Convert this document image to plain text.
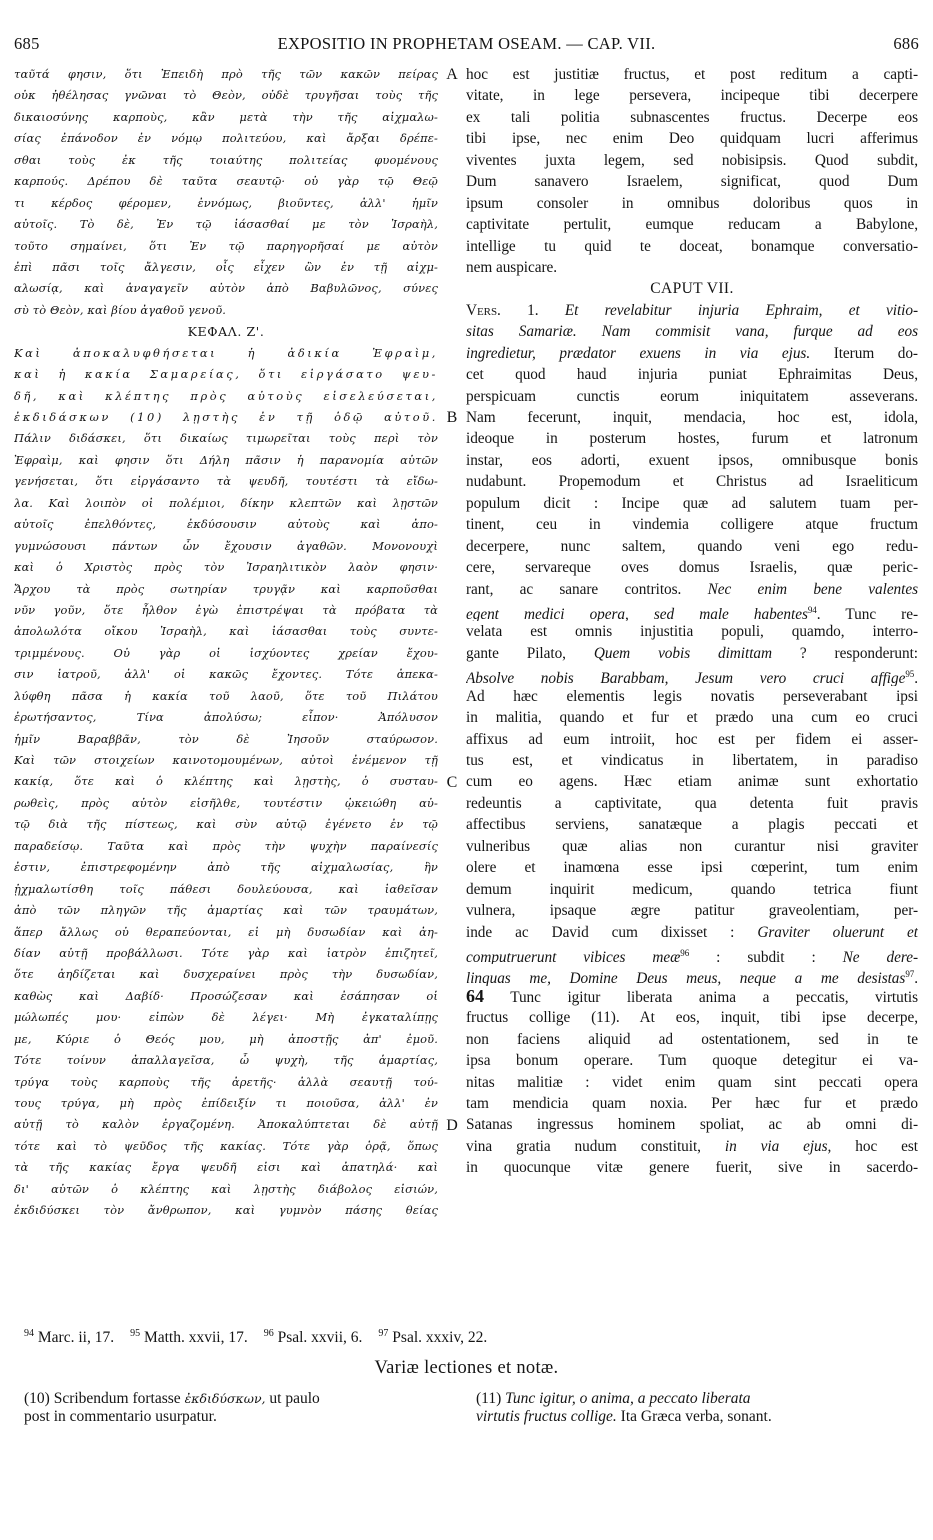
685	EXPOSITIO IN PROPHETAM OSEAM. — CAP. VII.	686
ταῦτά φησιν, ὅτι Ἐπειδὴ πρὸ τῆς τῶν κακῶν πείρας
οὐκ ἠθέλησας γνῶναι τὸ Θεὸν, οὐδὲ τρυγῆσαι τοὺς τῆς
δικαιοσύνης καρποὺς, κἂν μετὰ τὴν τῆς αἰχμαλω-
σίας ἐπάνοδον ἐν νόμῳ πολιτεύου, καὶ ἄρξαι δρέπε-
σθαι τοὺς ἐκ τῆς τοιαύτης πολιτείας φυομένους
καρπούς. Δρέπου δὲ ταῦτα σεαυτῷ· οὐ γὰρ τῷ Θεῷ
τι κέρδος φέρομεν, ἐννόμως, βιοῦντες, ἀλλ' ἡμῖν
αὐτοῖς. Τὸ δὲ, Ἐν τῷ ἰάσασθαί με τὸν Ἰσραὴλ,
τοῦτο σημαίνει, ὅτι Ἐν τῷ παρηγορῆσαί με αὐτὸν
ἐπὶ πᾶσι τοῖς ἄλγεσιν, οἷς εἶχεν ὢν ἐν τῇ αἰχμ-
αλωσίᾳ, καὶ ἀναγαγεῖν αὐτὸν ἀπὸ Βαβυλῶνος, σύνες
σὺ τὸ Θεὸν, καὶ βίου ἀγαθοῦ γενοῦ.
ΚΕΦΑΛ. Ζ'.
Καὶ ἀποκαλυφθήσεται ἡ ἀδικία Ἐφραὶμ,
καὶ ἡ κακία Σαμαρείας, ὅτι εἰργάσατο ψευ-
δῆ, καὶ κλέπτης πρὸς αὐτοὺς εἰσελεύσεται,
ἐκδιδάσκων (10) λῃστὴς ἐν τῇ ὁδῷ αὐτοῦ.
Πάλιν διδάσκει, ὅτι δικαίως τιμωρεῖται τοὺς περὶ τὸν
Ἐφραὶμ, καὶ φησιν ὅτι Δήλη πᾶσιν ἡ παρανομία αὐτῶν
γενήσεται, ὅτι εἰργάσαντο τὰ ψευδῆ, τουτέστι τὰ εἴδω-
λα. Καὶ λοιπὸν οἱ πολέμιοι, δίκην κλεπτῶν καὶ λῃστῶν
αὐτοῖς ἐπελθόντες, ἐκδύσουσιν αὐτοὺς καὶ ἀπο-
γυμνώσουσι πάντων ὧν ἔχουσιν ἀγαθῶν. Μονονουχὶ
καὶ ὁ Χριστὸς πρὸς τὸν Ἰσραηλιτικὸν λαὸν φησιν·
Ἄρχου τὰ πρὸς σωτηρίαν τρυγᾷν καὶ καρποῦσθαι
νῦν γοῦν, ὅτε ἦλθον ἐγὼ ἐπιστρέψαι τὰ πρόβατα τὰ
ἀπολωλότα οἴκου Ἰσραὴλ, καὶ ἰάσασθαι τοὺς συντε-
τριμμένους. Οὐ γὰρ οἱ ἰσχύοντες χρείαν ἔχου-
σιν ἰατροῦ, ἀλλ' οἱ κακῶς ἔχοντες. Τότε ἀπεκα-
λύφθη πᾶσα ἡ κακία τοῦ λαοῦ, ὅτε τοῦ Πιλάτου
ἐρωτήσαντος, Τίνα ἀπολύσω; εἶπον· Ἀπόλυσον
ἡμῖν Βαραββᾶν, τὸν δὲ Ἰησοῦν σταύρωσον.
Καὶ τῶν στοιχείων καινοτομουμένων, αὐτοὶ ἐνέμενον τῇ
κακίᾳ, ὅτε καὶ ὁ κλέπτης καὶ λῃστὴς, ὁ συσταυ-
ρωθεὶς, πρὸς αὐτὸν εἰσῆλθε, τουτέστιν ᾠκειώθη αὐ-
τῷ διὰ τῆς πίστεως, καὶ σὺν αὐτῷ ἐγένετο ἐν τῷ
παραδείσῳ. Ταῦτα καὶ πρὸς τὴν ψυχὴν παραίνεσίς
ἐστιν, ἐπιστρεφομένην ἀπὸ τῆς αἰχμαλωσίας, ἣν
ᾐχμαλωτίσθη τοῖς πάθεσι δουλεύουσα, καὶ ἰαθεῖσαν
ἀπὸ τῶν πληγῶν τῆς ἁμαρτίας καὶ τῶν τραυμάτων,
ἅπερ ἄλλως οὐ θεραπεύονται, εἰ μὴ δυσωδίαν καὶ ἀη-
δίαν αὐτῇ προβάλλωσι. Τότε γὰρ καὶ ἰατρὸν ἐπιζητεῖ,
ὅτε ἀηδίζεται καὶ δυσχεραίνει πρὸς τὴν δυσωδίαν,
καθὼς καὶ Δαβίδ· Προσώζεσαν καὶ ἐσάπησαν οἱ
μώλωπές μου· εἰπὼν δὲ λέγει· Μὴ ἐγκαταλίπῃς
με, Κύριε ὁ Θεός μου, μὴ ἀποστῇς ἀπ' ἐμοῦ.
Τότε τοίνυν ἀπαλλαγεῖσα, ὦ ψυχὴ, τῆς ἁμαρτίας,
τρύγα τοὺς καρποὺς τῆς ἀρετῆς· ἀλλὰ σεαυτῇ τού-
τους τρύγα, μὴ πρὸς ἐπίδειξίν τι ποιοῦσα, ἀλλ' ἐν
αὐτῇ τὸ καλὸν ἐργαζομένη. Ἀποκαλύπτεται δὲ αὐτῇ
τότε καὶ τὸ ψεῦδος τῆς κακίας. Τότε γὰρ ὁρᾷ, ὅπως
τὰ τῆς κακίας ἔργα ψευδῆ εἰσι καὶ ἀπατηλά· καὶ
δι' αὐτῶν ὁ κλέπτης καὶ λῃστὴς διάβολος εἰσιών,
ἐκδιδύσκει τὸν ἄνθρωπον, καὶ γυμνὸν πάσης θείας
hoc est justitiæ fructus, et post reditum a capti-
vitate, in lege persevera, incipeque tibi decerpere
ex tali politia subnascentes fructus. Decerpe eos
tibi ipse, nec enim Deo quidquam lucri afferimus
viventes juxta legem, sed nobisipsis. Quod subdit,
Dum sanavero Israelem, significat, quod Dum
ipsum consoler in omnibus doloribus quos in
captivitate pertulit, eumque reducam a Babylone,
intellige tu quid te doceat, bonamque conversatio-
nem auspicare.
CAPUT VII.
Vers. 1. Et revelabitur injuria Ephraim, et vitio-
sitas Samariæ. Nam commisit vana, furque ad eos
ingredietur, prædator exuens in via ejus. Iterum do-
cet quod haud injuria puniat Ephraimitas Deus,
perspicuam cunctis eorum iniquitatem asseverans.
Nam fecerunt, inquit, mendacia, hoc est, idola,
ideoque in posterum hostes, furum et latronum
instar, eos adorti, exuent ipsos, omnibusque bonis
nudabunt. Propemodum et Christus ad Israeliticum
populum dicit : Incipe quæ ad salutem tuam per-
tinent, ceu in vindemia colligere atque fructum
decerpere, nunc saltem, quando veni ego redu-
cere, servareque oves domus Israelis, quæ peric-
rant, ac sanare contritos. Nec enim bene valentes
egent medici opera, sed male habentes$^{94}$. Tunc re-
velata est omnis injustitia populi, quamdo, interro-
gante Pilato, Quem vobis dimittam ? responderunt:
Absolve nobis Barabbam, Jesum vero cruci affige$^{95}$.
Ad hæc elementis legis novatis perseverabant ipsi
in malitia, quando et fur et prædo una cum eo cruci
affixus ad eum introiit, hoc est per fidem ei asser-
tus est, et vindicatus in libertatem, in paradiso
cum eo agens. Hæc etiam animæ sunt exhortatio
redeuntis a captivitate, qua detenta fuit pravis
affectibus serviens, sanatæque a plagis peccati et
vulneribus quæ alias non curantur nisi graviter
olere et inamœna esse ipsi cœperint, tum enim
demum inquirit medicum, quando tetrica fiunt
vulnera, ipsaque ægre patitur graveolentiam, per-
inde ac David cum dixisset : Graviter oluerunt et
computruerunt vibices meæ$^{96}$ : subdit : Ne dere-
linquas me, Domine Deus meus, neque a me desistas$^{97}$.
64 Tunc igitur liberata anima a peccatis, virtutis
fructus collige (11). At eos, inquit, tibi ipse decerpe,
non faciens aliquid ad ostentationem, sed in te
ipsa bonum operare. Tum quoque detegitur ei va-
nitas malitiæ : videt enim quam sint peccati opera
tam mendicia quam noxia. Per hæc fur et prædo
Satanas ingressus hominem spoliat, ac ab omni di-
vina gratia nudum constituit, in via ejus, hoc est
in quocunque vitæ genere fuerit, sive in sacerdo-
A
B
C
D
$^{94}$ Marc. ii, 17. $^{95}$ Matth. xxvii, 17. $^{96}$ Psal. xxvii, 6. $^{97}$ Psal. xxxiv, 22.
Variæ lectiones et notæ.
(10) Scribendum fortasse ἐκδιδύσκων, ut paulo
post in commentario usurpatur.
(11) Tunc igitur, o anima, a peccato liberata
virtutis fructus collige. Ita Græca verba, sonant.
